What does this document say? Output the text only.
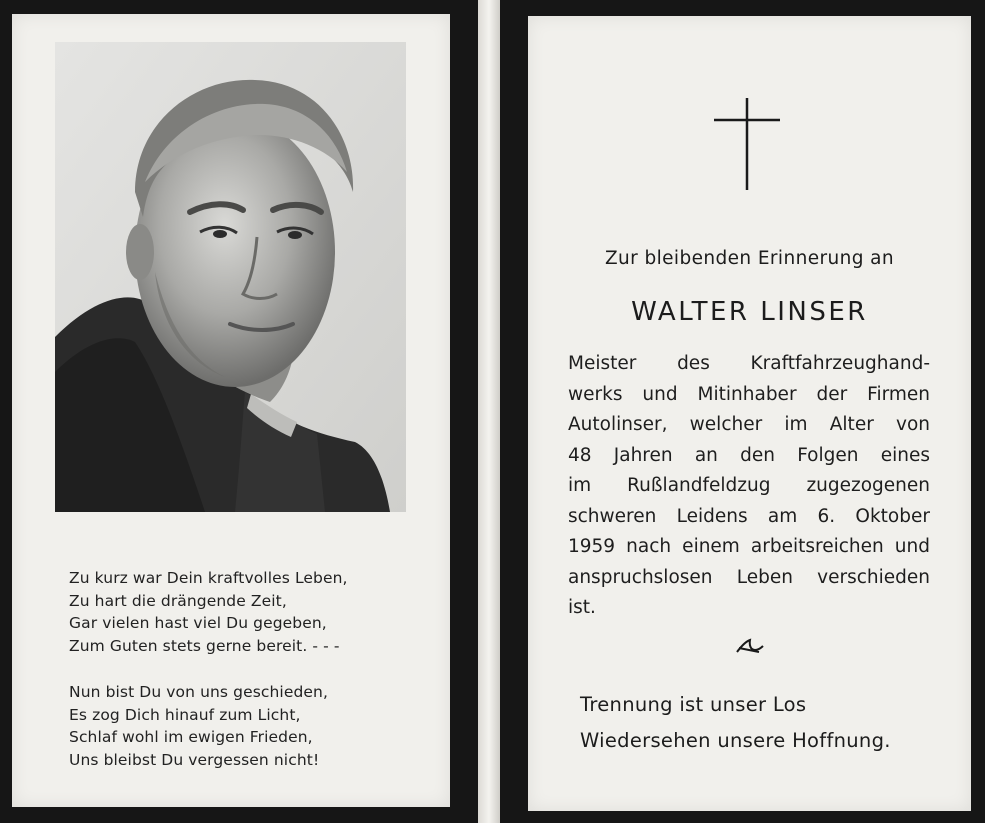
Zu kurz war Dein kraftvolles Leben,
Zu hart die drängende Zeit,
Gar vielen hast viel Du gegeben,
Zum Guten stets gerne bereit. - - -
Nun bist Du von uns geschieden,
Es zog Dich hinauf zum Licht,
Schlaf wohl im ewigen Frieden,
Uns bleibst Du vergessen nicht!
Zur bleibenden Erinnerung an
WALTER LINSER
Meister des Kraftfahrzeughand-
werks und Mitinhaber der Firmen
Autolinser, welcher im Alter von
48 Jahren an den Folgen eines
im Rußlandfeldzug zugezogenen
schweren Leidens am 6. Oktober
1959 nach einem arbeitsreichen und
anspruchslosen Leben verschieden
ist.
Trennung ist unser Los
Wiedersehen unsere Hoffnung.
